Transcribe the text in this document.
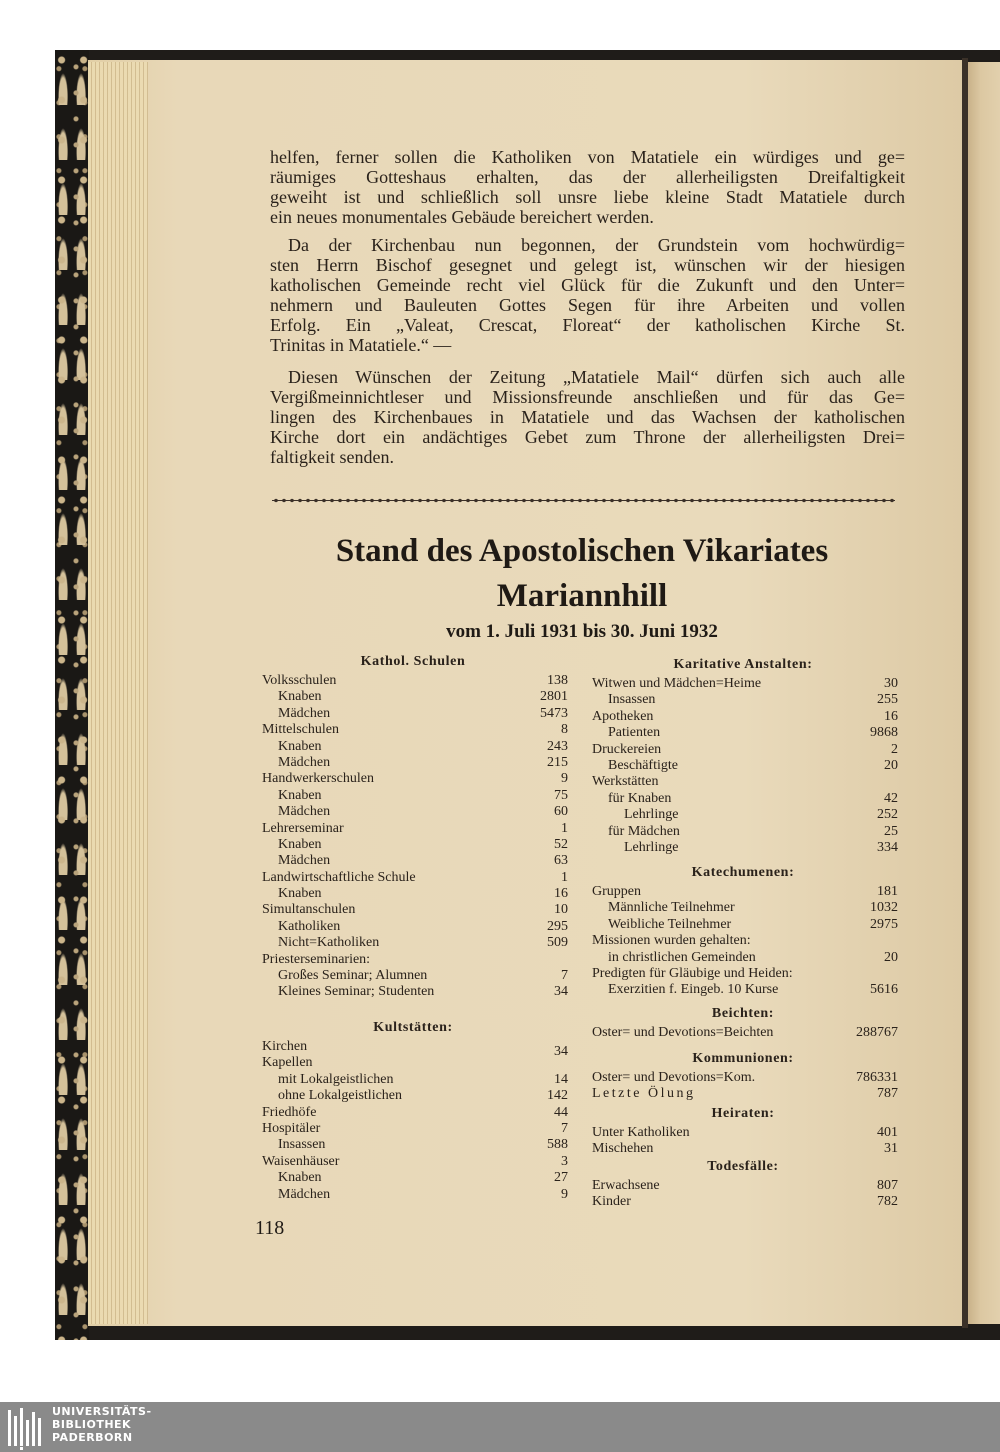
helfen, ferner sollen die Katholiken von Matatiele ein würdiges und ge=
räumiges Gotteshaus erhalten, das der allerheiligsten Dreifaltigkeit
geweiht ist und schließlich soll unsre liebe kleine Stadt Matatiele durch
ein neues monumentales Gebäude bereichert werden.
Da der Kirchenbau nun begonnen, der Grundstein vom hochwürdig=
sten Herrn Bischof gesegnet und gelegt ist, wünschen wir der hiesigen
katholischen Gemeinde recht viel Glück für die Zukunft und den Unter=
nehmern und Bauleuten Gottes Segen für ihre Arbeiten und vollen
Erfolg. Ein „Valeat, Crescat, Floreat“ der katholischen Kirche St.
Trinitas in Matatiele.“ —
Diesen Wünschen der Zeitung „Matatiele Mail“ dürfen sich auch alle
Vergißmeinnichtleser und Missionsfreunde anschließen und für das Ge=
lingen des Kirchenbaues in Matatiele und das Wachsen der katholischen
Kirche dort ein andächtiges Gebet zum Throne der allerheiligsten Drei=
faltigkeit senden.
Stand des Apostolischen Vikariates
Mariannhill
vom 1. Juli 1931 bis 30. Juni 1932
Kathol. Schulen
Volksschulen	138
Knaben	2801
Mädchen	5473
Mittelschulen	8
Knaben	243
Mädchen	215
Handwerkerschulen	9
Knaben	75
Mädchen	60
Lehrerseminar	1
Knaben	52
Mädchen	63
Landwirtschaftliche Schule	1
Knaben	16
Simultanschulen	10
Katholiken	295
Nicht=Katholiken	509
Priesterseminarien:
Großes Seminar; Alumnen	7
Kleines Seminar; Studenten	34
Kultstätten:
Kirchen	34
Kapellen
mit Lokalgeistlichen	14
ohne Lokalgeistlichen	142
Friedhöfe	44
Hospitäler	7
Insassen	588
Waisenhäuser	3
Knaben	27
Mädchen	9
Karitative Anstalten:
Witwen und Mädchen=Heime	30
Insassen	255
Apotheken	16
Patienten	9868
Druckereien	2
Beschäftigte	20
Werkstätten
für Knaben	42
Lehrlinge	252
für Mädchen	25
Lehrlinge	334
Katechumenen:
Gruppen	181
Männliche Teilnehmer	1032
Weibliche Teilnehmer	2975
Missionen wurden gehalten:
in christlichen Gemeinden	20
Predigten für Gläubige und Heiden:
Exerzitien f. Eingeb. 10 Kurse	5616
Beichten:
Oster= und Devotions=Beichten	288767
Kommunionen:
Oster= und Devotions=Kom.	786331
Letzte Ölung	787
Heiraten:
Unter Katholiken	401
Mischehen	31
Todesfälle:
Erwachsene	807
Kinder	782
118
UNIVERSITÄTS-
BIBLIOTHEK
PADERBORN
